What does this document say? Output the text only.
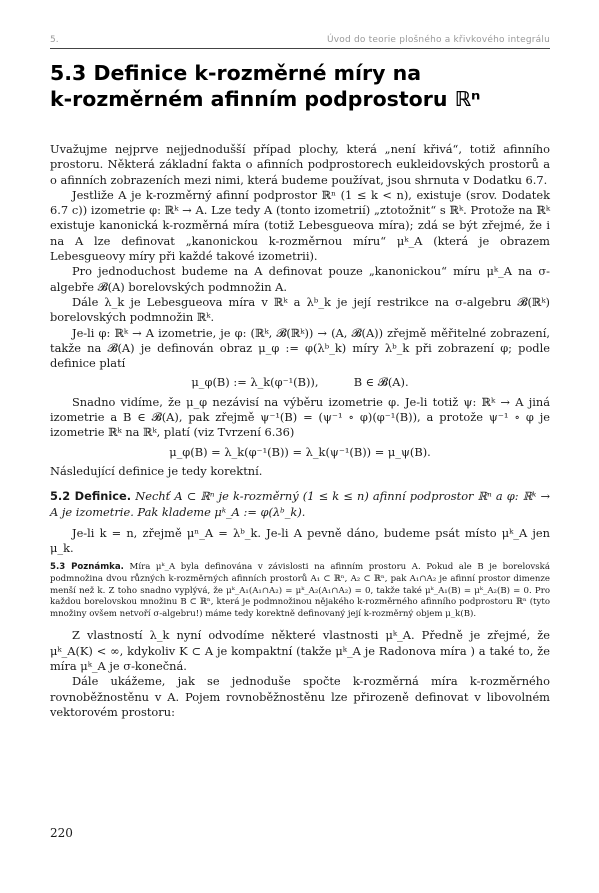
5.	Úvod do teorie plošného a křivkového integrálu
5.3 Definice k-rozměrné míry na
k-rozměrném afinním podprostoru ℝⁿ

Uvažujme nejprve nejjednodušší případ plochy, která „není křivá“, totiž afinního prostoru. Některá základní fakta o afinních podprostorech eukleidovských prostorů a o afinních zobrazeních mezi nimi, která budeme používat, jsou shrnuta v Dodatku 6.7.

Jestliže A je k-rozměrný afinní podprostor ℝⁿ (1 ≤ k < n), existuje (srov. Dodatek 6.7 c)) izometrie φ: ℝᵏ → A. Lze tedy A (tonto izometrií) „ztotožnit“ s ℝᵏ. Protože na ℝᵏ existuje kanonická k-rozměrná míra (totiž Lebesgueova míra); zdá se být zřejmé, že i na A lze definovat „kanonickou k-rozměrnou míru“ μᵏ_A (která je obrazem Lebesgueovy míry při každé takové izometrii).

Pro jednoduchost budeme na A definovat pouze „kanonickou“ míru μᵏ_A na σ-algebře 𝓑(A) borelovských podmnožin A.

Dále λ_k je Lebesgueova míra v ℝᵏ a λᵇ_k je její restrikce na σ-algebru 𝓑(ℝᵏ) borelovských podmnožin ℝᵏ.

Je-li φ: ℝᵏ → A izometrie, je φ: (ℝᵏ, 𝓑(ℝᵏ)) → (A, 𝓑(A)) zřejmě měřitelné zobrazení, takže na 𝓑(A) je definován obraz μ_φ := φ(λᵇ_k) míry λᵇ_k při zobrazení φ; podle definice platí

μ_φ(B) := λ_k(φ⁻¹(B)),	B ∈ 𝓑(A).

Snadno vidíme, že μ_φ nezávisí na výběru izometrie φ. Je-li totiž ψ: ℝᵏ → A jiná izometrie a B ∈ 𝓑(A), pak zřejmě ψ⁻¹(B) = (ψ⁻¹ ∘ φ)(φ⁻¹(B)), a protože ψ⁻¹ ∘ φ je izometrie ℝᵏ na ℝᵏ, platí (viz Tvrzení 6.36)

μ_φ(B) = λ_k(φ⁻¹(B)) = λ_k(ψ⁻¹(B)) = μ_ψ(B).

Následující definice je tedy korektní.

5.2 Definice. Nechť A ⊂ ℝⁿ je k-rozměrný (1 ≤ k ≤ n) afinní podprostor ℝⁿ a φ: ℝᵏ → A je izometrie. Pak klademe μᵏ_A := φ(λᵇ_k).

Je-li k = n, zřejmě μⁿ_A = λᵇ_k. Je-li A pevně dáno, budeme psát místo μᵏ_A jen μ_k.

5.3 Poznámka. Míra μᵏ_A byla definována v závislosti na afinním prostoru A. Pokud ale B je borelovská podmnožina dvou různých k-rozměrných afinních prostorů A₁ ⊂ ℝⁿ, A₂ ⊂ ℝⁿ, pak A₁∩A₂ je afinní prostor dimenze menší než k. Z toho snadno vyplývá, že μᵏ_A₁(A₁∩A₂) = μᵏ_A₂(A₁∩A₂) = 0, takže také μᵏ_A₁(B) = μᵏ_A₂(B) = 0. Pro každou borelovskou množinu B ⊂ ℝⁿ, která je podmnožinou nějakého k-rozměrného afinního podprostoru ℝⁿ (tyto množiny ovšem netvoří σ-algebru!) máme tedy korektně definovaný její k-rozměrný objem μ_k(B).

Z vlastností λ_k nyní odvodíme některé vlastnosti μᵏ_A. Předně je zřejmé, že μᵏ_A(K) < ∞, kdykoliv K ⊂ A je kompaktní (takže μᵏ_A je Radonova míra ) a také to, že míra μᵏ_A je σ-konečná.

Dále ukážeme, jak se jednoduše spočte k-rozměrná míra k-rozměrného rovnoběžnostěnu v A. Pojem rovnoběžnostěnu lze přirozeně definovat v libovolném vektorovém prostoru:

220
